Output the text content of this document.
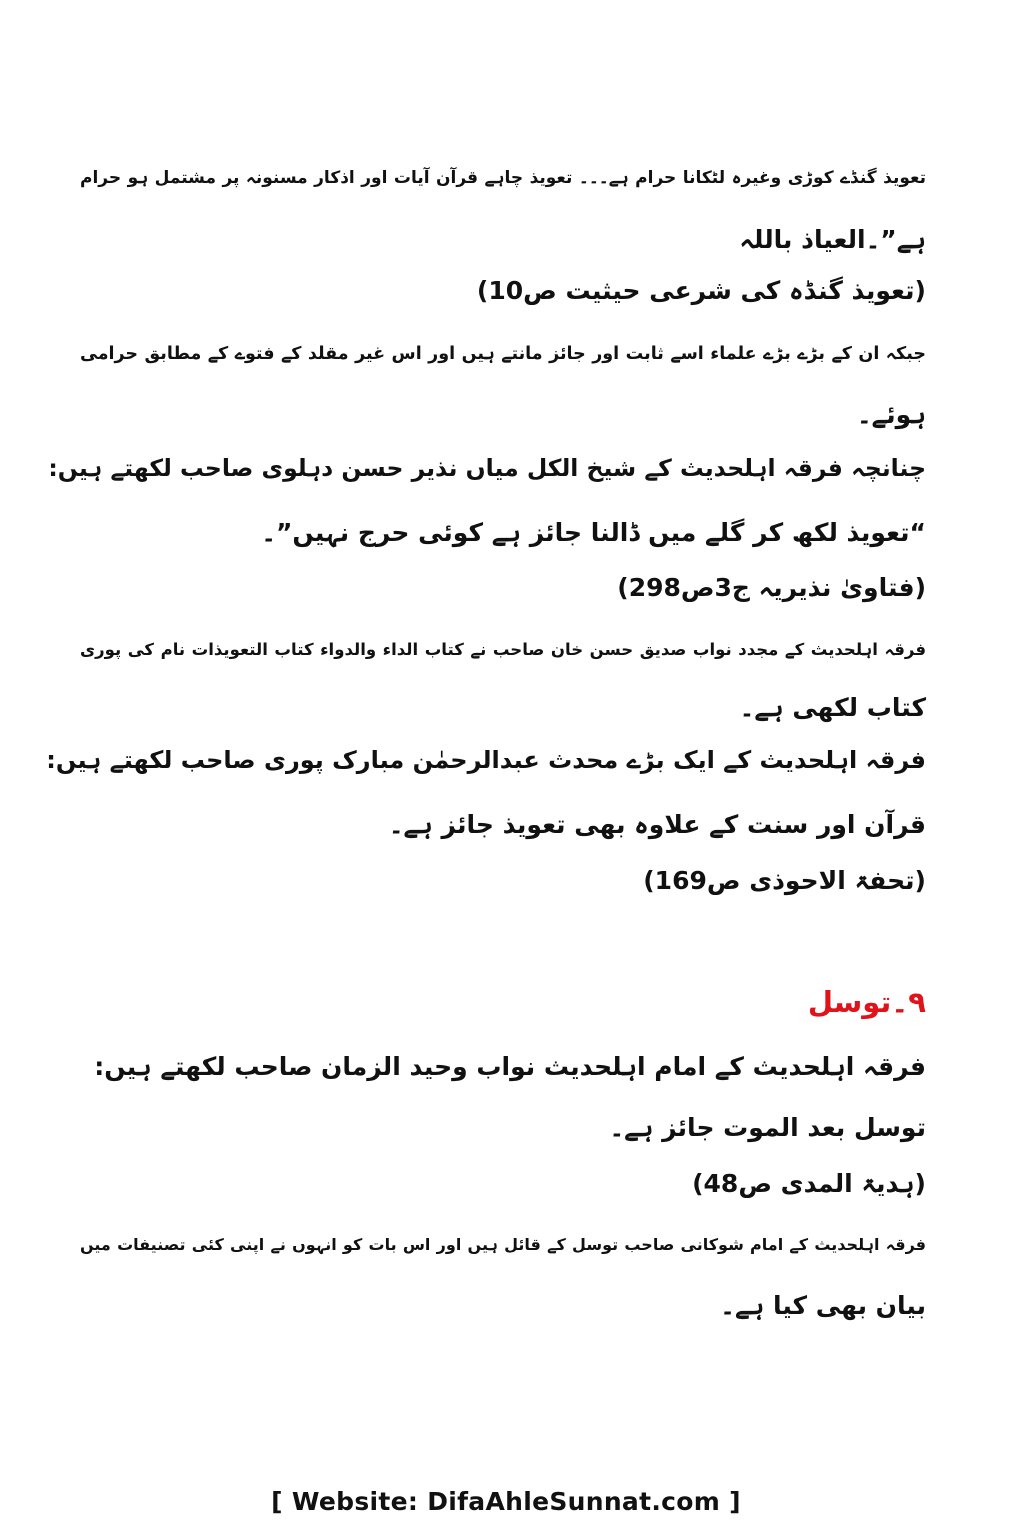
تعویذ گنڈے کوڑی وغیرہ لٹکانا حرام ہے۔۔۔ تعویذ چاہے قرآن آیات اور اذکار مسنونہ پر مشتمل ہو حرام
ہے”۔العیاذ باللہ
(تعویذ گنڈہ کی شرعی حیثیت ص10)
جبکہ ان کے بڑے بڑے علماء اسے ثابت اور جائز مانتے ہیں اور اس غیر مقلد کے فتوے کے مطابق حرامی
ہوئے۔
چنانچہ فرقہ اہلحدیث کے شیخ الکل میاں نذیر حسن دہلوی صاحب لکھتے ہیں:
“تعویذ لکھ کر گلے میں ڈالنا جائز ہے کوئی حرج نہیں”۔
(فتاویٰ نذیریہ ج3ص298)
فرقہ اہلحدیث کے مجدد نواب صدیق حسن خان صاحب نے کتاب الداء والدواء کتاب التعویذات نام کی پوری
کتاب لکھی ہے۔
فرقہ اہلحدیث کے ایک بڑے محدث عبدالرحمٰن مبارک پوری صاحب لکھتے ہیں:
قرآن اور سنت کے علاوہ بھی تعویذ جائز ہے۔
(تحفۃ الاحوذی ص169)
۹۔توسل
فرقہ اہلحدیث کے امام اہلحدیث نواب وحید الزمان صاحب لکھتے ہیں:
توسل بعد الموت جائز ہے۔
(ہدیۃ المدی ص48)
فرقہ اہلحدیث کے امام شوکانی صاحب توسل کے قائل ہیں اور اس بات کو انہوں نے اپنی کئی تصنیفات میں
بیان بھی کیا ہے۔
[ Website: DifaAhleSunnat.com ]
